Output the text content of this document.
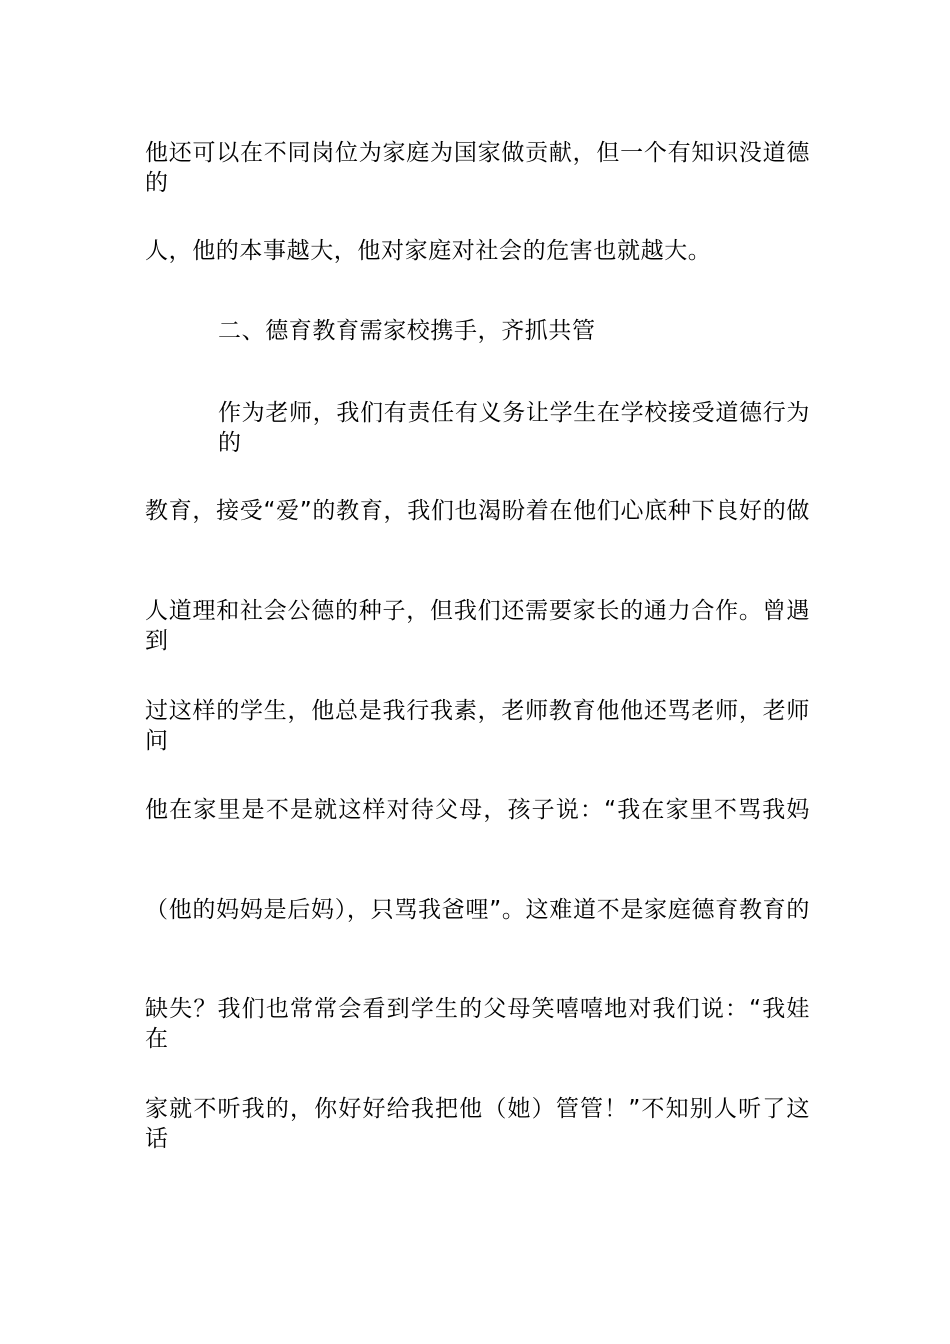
他还可以在不同岗位为家庭为国家做贡献，但一个有知识没道德的
人，他的本事越大，他对家庭对社会的危害也就越大。
二、德育教育需家校携手，齐抓共管
作为老师，我们有责任有义务让学生在学校接受道德行为的
教育，接受“爱”的教育，我们也渴盼着在他们心底种下良好的做
人道理和社会公德的种子，但我们还需要家长的通力合作。曾遇到
过这样的学生，他总是我行我素，老师教育他他还骂老师，老师问
他在家里是不是就这样对待父母，孩子说：“我在家里不骂我妈
（他的妈妈是后妈），只骂我爸哩”。这难道不是家庭德育教育的
缺失？我们也常常会看到学生的父母笑嘻嘻地对我们说：“我娃在
家就不听我的，你好好给我把他（她）管管！”不知别人听了这话
